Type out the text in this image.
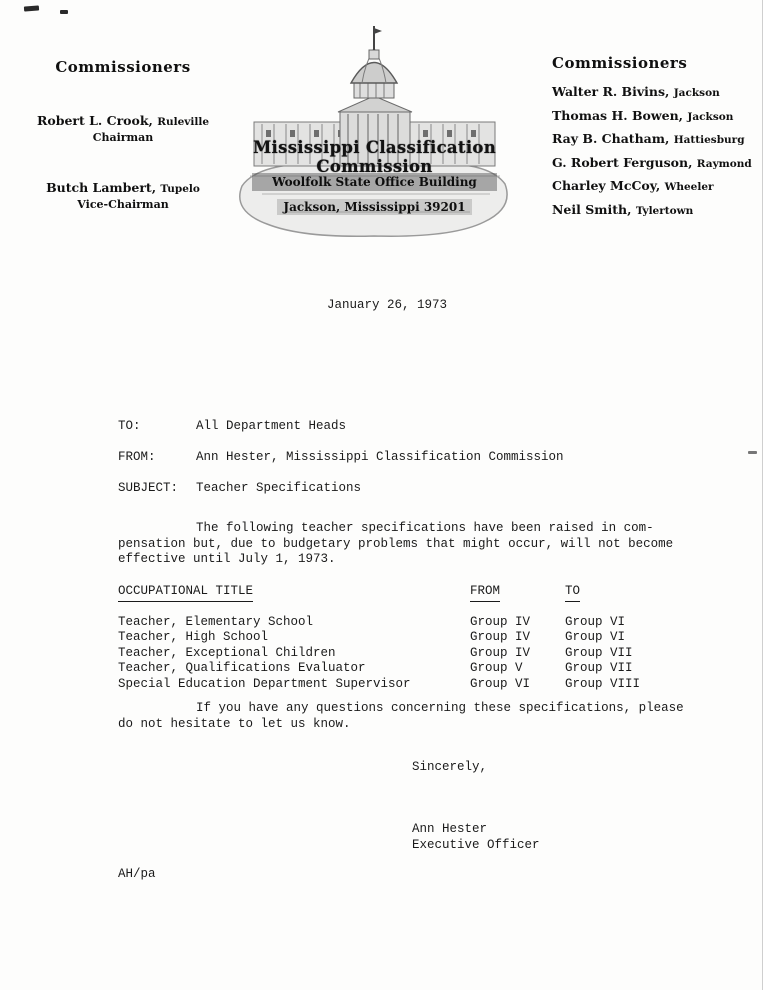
Commissioners
Robert L. Crook, Ruleville
Chairman
Butch Lambert, Tupelo
Vice-Chairman
Mississippi Classification Commission
Woolfolk State Office Building
Jackson, Mississippi 39201
Commissioners
Walter R. Bivins, Jackson
Thomas H. Bowen, Jackson
Ray B. Chatham, Hattiesburg
G. Robert Ferguson, Raymond
Charley McCoy, Wheeler
Neil Smith, Tylertown
January 26, 1973
TO:	All Department Heads
FROM:	Ann Hester, Mississippi Classification Commission
SUBJECT: Teacher Specifications
The following teacher specifications have been raised in com-
pensation but, due to budgetary problems that might occur, will not become
effective until July 1, 1973.
OCCUPATIONAL TITLE	FROM	TO
Teacher, Elementary School	Group IV	Group VI
Teacher, High School	Group IV	Group VI
Teacher, Exceptional Children	Group IV	Group VII
Teacher, Qualifications Evaluator	Group V	Group VII
Special Education Department Supervisor	Group VI	Group VIII
If you have any questions concerning these specifications, please
do not hesitate to let us know.
Sincerely,
Ann Hester
Executive Officer
AH/pa
